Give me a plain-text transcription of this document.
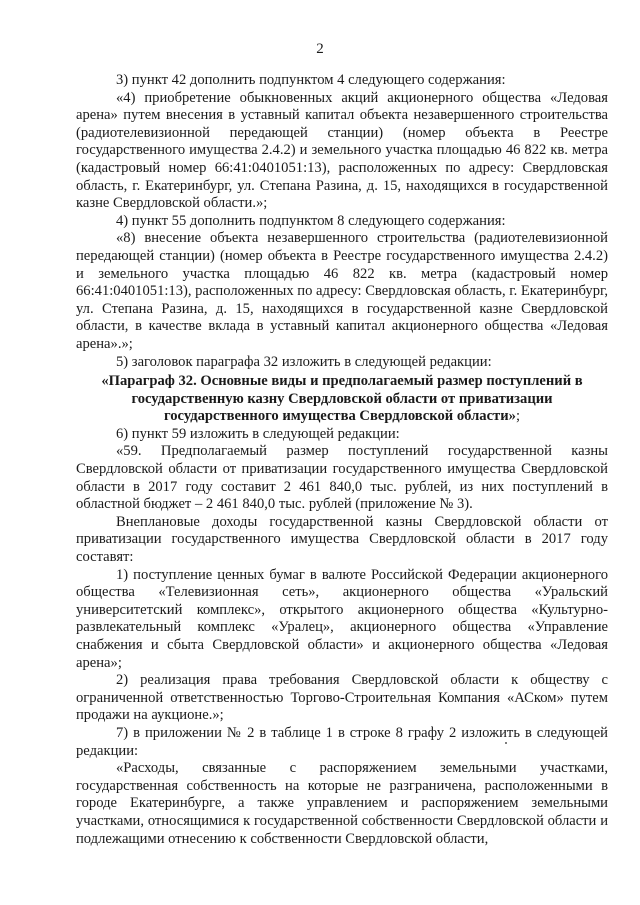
2

3) пункт 42 дополнить подпунктом 4 следующего содержания:

«4) приобретение обыкновенных акций акционерного общества «Ледовая арена» путем внесения в уставный капитал объекта незавершенного строительства (радиотелевизионной передающей станции) (номер объекта в Реестре государственного имущества 2.4.2) и земельного участка площадью 46 822 кв. метра (кадастровый номер 66:41:0401051:13), расположенных по адресу: Свердловская область, г. Екатеринбург, ул. Степана Разина, д. 15, находящихся в государственной казне Свердловской области.»;

4) пункт 55 дополнить подпунктом 8 следующего содержания:

«8) внесение объекта незавершенного строительства (радиотелевизионной передающей станции) (номер объекта в Реестре государственного имущества 2.4.2) и земельного участка площадью 46 822 кв. метра (кадастровый номер 66:41:0401051:13), расположенных по адресу: Свердловская область, г. Екатеринбург, ул. Степана Разина, д. 15, находящихся в государственной казне Свердловской области, в качестве вклада в уставный капитал акционерного общества «Ледовая арена».»;

5) заголовок параграфа 32 изложить в следующей редакции:

«Параграф 32. Основные виды и предполагаемый размер поступлений в государственную казну Свердловской области от приватизации государственного имущества Свердловской области»;

6) пункт 59 изложить в следующей редакции:

«59. Предполагаемый размер поступлений государственной казны Свердловской области от приватизации государственного имущества Свердловской области в 2017 году составит 2 461 840,0 тыс. рублей, из них поступлений в областной бюджет – 2 461 840,0 тыс. рублей (приложение № 3).

Внеплановые доходы государственной казны Свердловской области от приватизации государственного имущества Свердловской области в 2017 году составят:

1) поступление ценных бумаг в валюте Российской Федерации акционерного общества «Телевизионная сеть», акционерного общества «Уральский университетский комплекс», открытого акционерного общества «Культурно-развлекательный комплекс «Уралец», акционерного общества «Управление снабжения и сбыта Свердловской области» и акционерного общества «Ледовая арена»;

2) реализация права требования Свердловской области к обществу с ограниченной ответственностью Торгово-Строительная Компания «АСком» путем продажи на аукционе.»;

7) в приложении № 2 в таблице 1 в строке 8 графу 2 изложить в следующей редакции:

«Расходы, связанные с распоряжением земельными участками, государственная собственность на которые не разграничена, расположенными в городе Екатеринбурге, а также управлением и распоряжением земельными участками, относящимися к государственной собственности Свердловской области и подлежащими отнесению к собственности Свердловской области,
